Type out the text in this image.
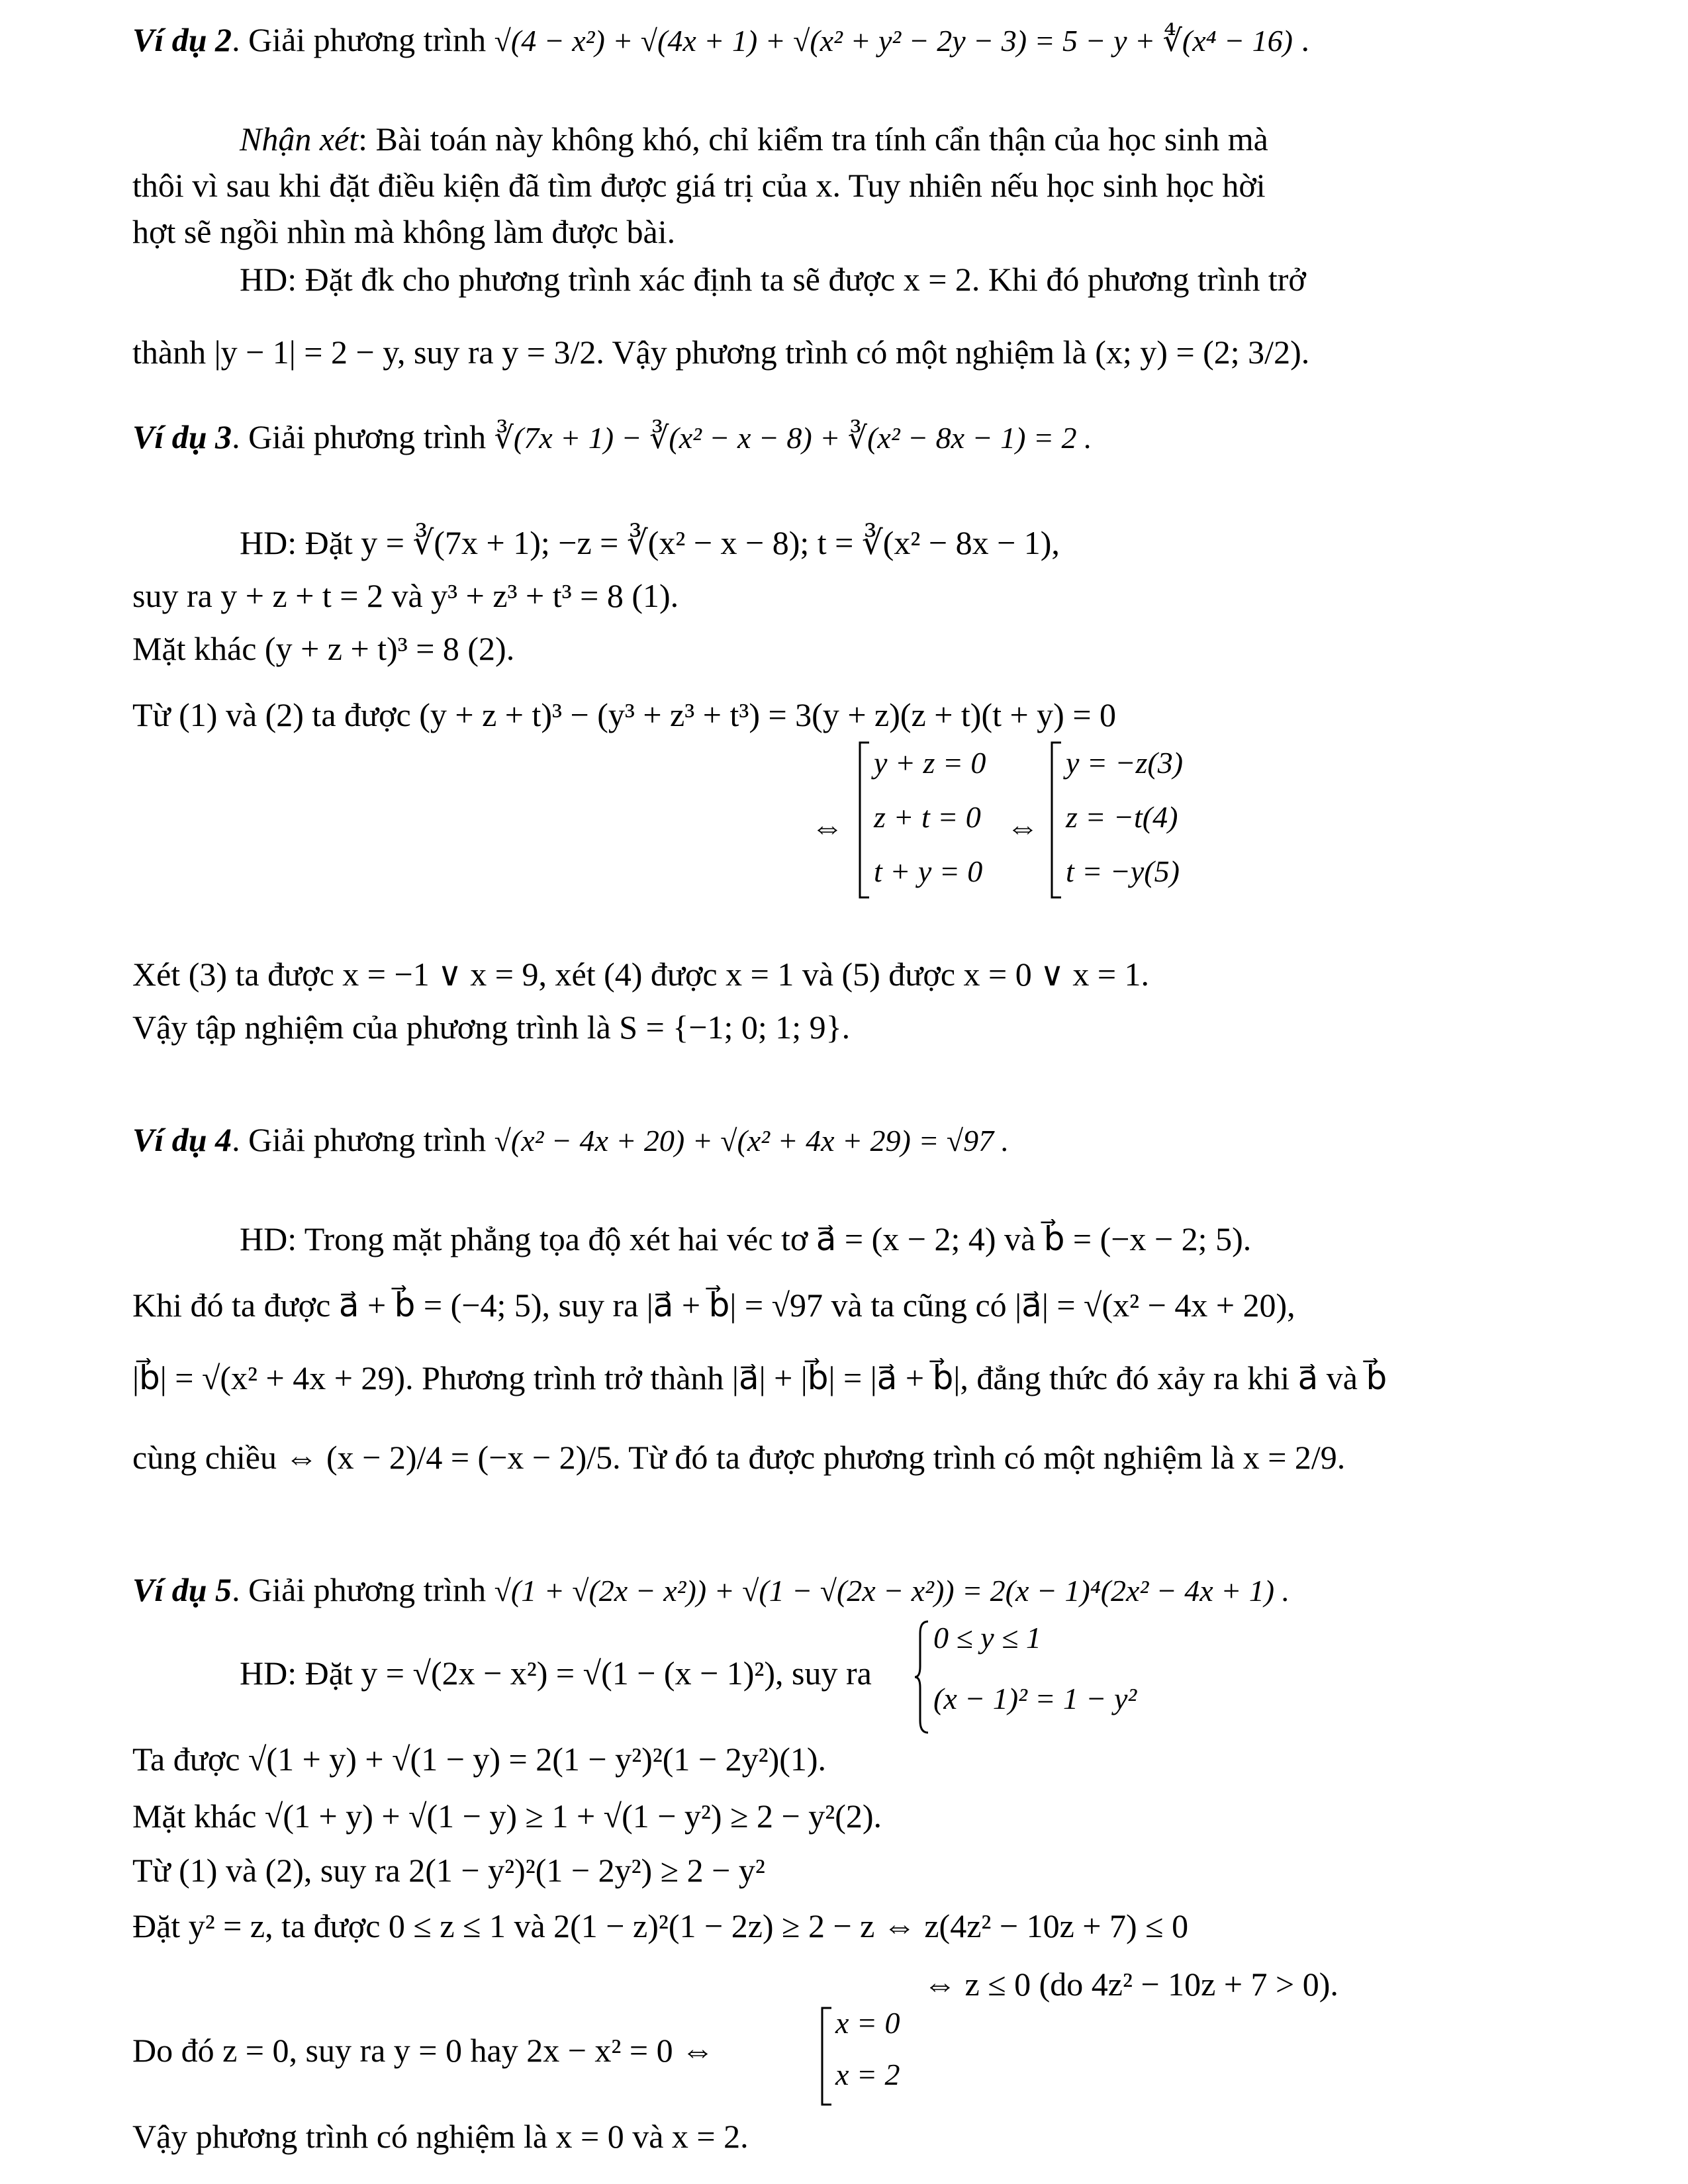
Ví dụ 2. Giải phương trình √(4 − x²) + √(4x + 1) + √(x² + y² − 2y − 3) = 5 − y + ∜(x⁴ − 16) .
Nhận xét: Bài toán này không khó, chỉ kiểm tra tính cẩn thận của học sinh mà
thôi vì sau khi đặt điều kiện đã tìm được giá trị của x. Tuy nhiên nếu học sinh học hời
hợt sẽ ngồi nhìn mà không làm được bài.
HD: Đặt đk cho phương trình xác định ta sẽ được x = 2. Khi đó phương trình trở
thành |y − 1| = 2 − y, suy ra y = 3/2. Vậy phương trình có một nghiệm là (x; y) = (2; 3/2).
Ví dụ 3. Giải phương trình ∛(7x + 1) − ∛(x² − x − 8) + ∛(x² − 8x − 1) = 2 .
HD: Đặt y = ∛(7x + 1); −z = ∛(x² − x − 8); t = ∛(x² − 8x − 1),
suy ra y + z + t = 2 và y³ + z³ + t³ = 8 (1).
Mặt khác (y + z + t)³ = 8 (2).
Từ (1) và (2) ta được (y + z + t)³ − (y³ + z³ + t³) = 3(y + z)(z + t)(t + y) = 0
⇔
y + z = 0
z + t = 0
t + y = 0
⇔
y = −z(3)
z = −t(4)
t = −y(5)
Xét (3) ta được x = −1 ∨ x = 9, xét (4) được x = 1 và (5) được x = 0 ∨ x = 1.
Vậy tập nghiệm của phương trình là S = {−1; 0; 1; 9}.
Ví dụ 4. Giải phương trình √(x² − 4x + 20) + √(x² + 4x + 29) = √97 .
HD: Trong mặt phẳng tọa độ xét hai véc tơ a⃗ = (x − 2; 4) và b⃗ = (−x − 2; 5).
Khi đó ta được a⃗ + b⃗ = (−4; 5), suy ra |a⃗ + b⃗| = √97 và ta cũng có |a⃗| = √(x² − 4x + 20),
|b⃗| = √(x² + 4x + 29). Phương trình trở thành |a⃗| + |b⃗| = |a⃗ + b⃗|, đẳng thức đó xảy ra khi a⃗ và b⃗
cùng chiều ⇔ (x − 2)/4 = (−x − 2)/5. Từ đó ta được phương trình có một nghiệm là x = 2/9.
Ví dụ 5. Giải phương trình √(1 + √(2x − x²)) + √(1 − √(2x − x²)) = 2(x − 1)⁴(2x² − 4x + 1) .
HD: Đặt y = √(2x − x²) = √(1 − (x − 1)²), suy ra
0 ≤ y ≤ 1
(x − 1)² = 1 − y²
Ta được √(1 + y) + √(1 − y) = 2(1 − y²)²(1 − 2y²)(1).
Mặt khác √(1 + y) + √(1 − y) ≥ 1 + √(1 − y²) ≥ 2 − y²(2).
Từ (1) và (2), suy ra 2(1 − y²)²(1 − 2y²) ≥ 2 − y²
Đặt y² = z, ta được 0 ≤ z ≤ 1 và 2(1 − z)²(1 − 2z) ≥ 2 − z ⇔ z(4z² − 10z + 7) ≤ 0
⇔ z ≤ 0 (do 4z² − 10z + 7 > 0).
Do đó z = 0, suy ra y = 0 hay 2x − x² = 0 ⇔
x = 0
x = 2
Vậy phương trình có nghiệm là x = 0 và x = 2.
